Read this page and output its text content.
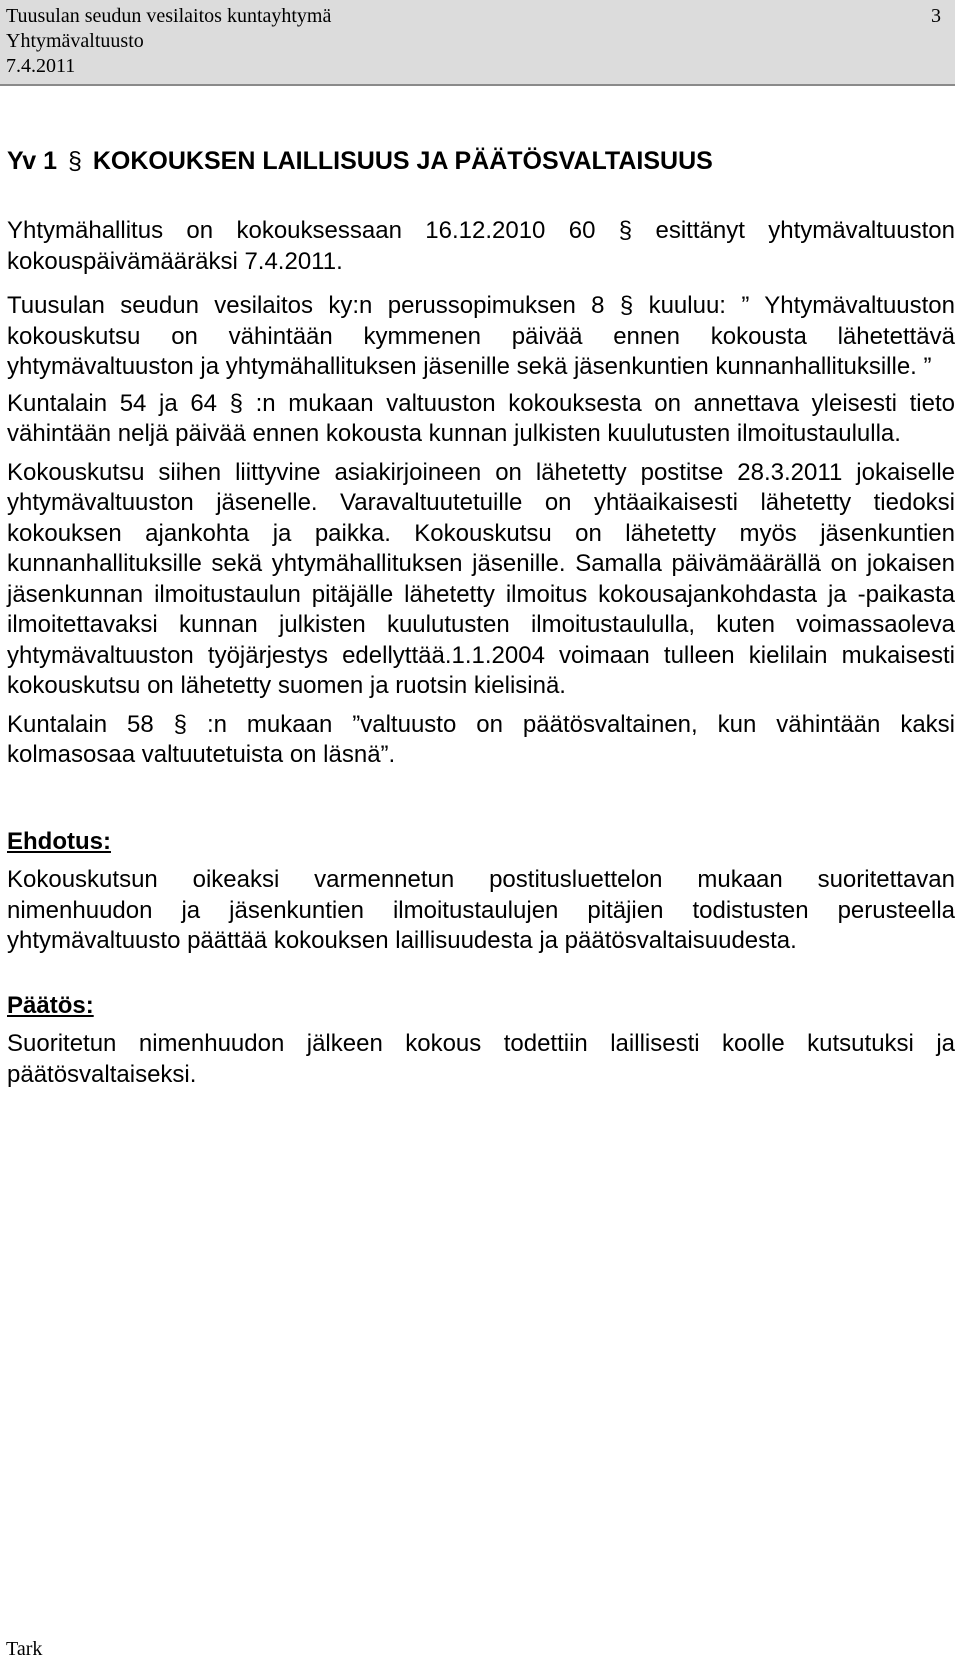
Tuusulan seudun vesilaitos kuntayhtymä
Yhtymävaltuusto
7.4.2011
3
Yv 1 § KOKOUKSEN LAILLISUUS JA PÄÄTÖSVALTAISUUS

Yhtymähallitus on kokouksessaan 16.12.2010 60 § esittänyt yhtymävaltuuston kokouspäivämääräksi 7.4.2011.

Tuusulan seudun vesilaitos ky:n perussopimuksen 8 § kuuluu: ” Yhtymävaltuuston kokouskutsu on vähintään kymmenen päivää ennen kokousta lähetettävä yhtymävaltuuston ja yhtymähallituksen jäsenille sekä jäsenkuntien kunnanhallituksille. ”

Kuntalain 54 ja 64 § :n mukaan valtuuston kokouksesta on annettava yleisesti tieto vähintään neljä päivää ennen kokousta kunnan julkisten kuulutusten ilmoitustaululla.

Kokouskutsu siihen liittyvine asiakirjoineen on lähetetty postitse 28.3.2011 jokaiselle yhtymävaltuuston jäsenelle. Varavaltuutetuille on yhtäaikaisesti lähetetty tiedoksi kokouksen ajankohta ja paikka. Kokouskutsu on lähetetty myös jäsenkuntien kunnanhallituksille sekä yhtymähallituksen jäsenille. Samalla päivämäärällä on jokaisen jäsenkunnan ilmoitustaulun pitäjälle lähetetty ilmoitus kokousajankohdasta ja -paikasta ilmoitettavaksi kunnan julkisten kuulutusten ilmoitustaululla, kuten voimassaoleva yhtymävaltuuston työjärjestys edellyttää.1.1.2004 voimaan tulleen kielilain mukaisesti kokouskutsu on lähetetty suomen ja ruotsin kielisinä.

Kuntalain 58 § :n mukaan ”valtuusto on päätösvaltainen, kun vähintään kaksi kolmasosaa valtuutetuista on läsnä”.

Ehdotus:

Kokouskutsun oikeaksi varmennetun postitusluettelon mukaan suoritettavan nimenhuudon ja jäsenkuntien ilmoitustaulujen pitäjien todistusten perusteella yhtymävaltuusto päättää kokouksen laillisuudesta ja päätösvaltaisuudesta.

Päätös:

Suoritetun nimenhuudon jälkeen kokous todettiin laillisesti koolle kutsutuksi ja päätösvaltaiseksi.

Tark
